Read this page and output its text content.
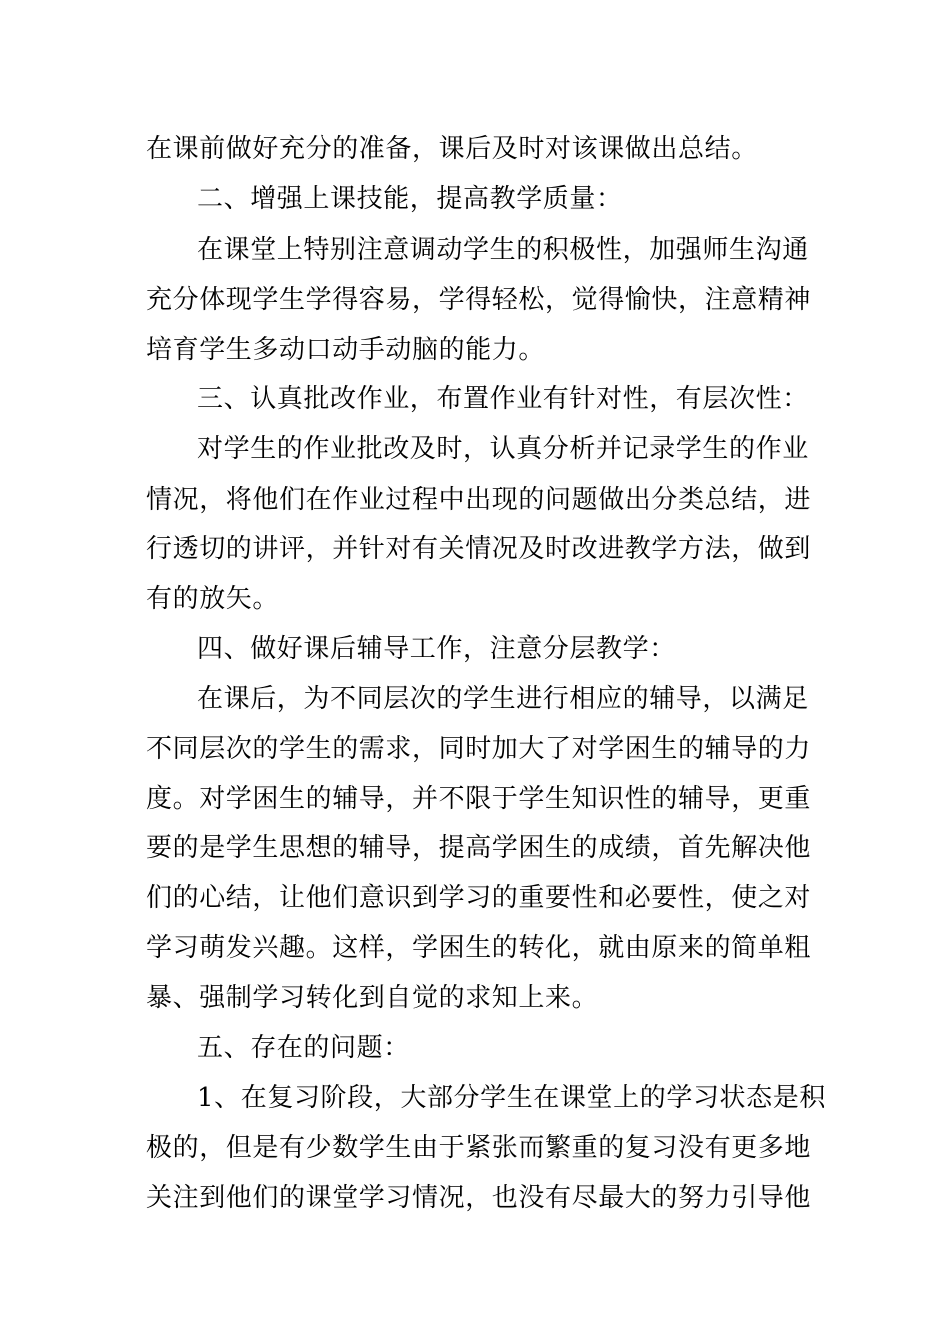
在课前做好充分的准备，课后及时对该课做出总结。
二、增强上课技能，提高教学质量：
在课堂上特别注意调动学生的积极性，加强师生沟通
充分体现学生学得容易，学得轻松，觉得愉快，注意精神
培育学生多动口动手动脑的能力。
三、认真批改作业，布置作业有针对性，有层次性：
对学生的作业批改及时，认真分析并记录学生的作业
情况，将他们在作业过程中出现的问题做出分类总结，进
行透切的讲评，并针对有关情况及时改进教学方法，做到
有的放矢。
四、做好课后辅导工作，注意分层教学：
在课后，为不同层次的学生进行相应的辅导，以满足
不同层次的学生的需求，同时加大了对学困生的辅导的力
度。对学困生的辅导，并不限于学生知识性的辅导，更重
要的是学生思想的辅导，提高学困生的成绩，首先解决他
们的心结，让他们意识到学习的重要性和必要性，使之对
学习萌发兴趣。这样，学困生的转化，就由原来的简单粗
暴、强制学习转化到自觉的求知上来。
五、存在的问题：
1、在复习阶段，大部分学生在课堂上的学习状态是积
极的，但是有少数学生由于紧张而繁重的复习没有更多地
关注到他们的课堂学习情况，也没有尽最大的努力引导他
